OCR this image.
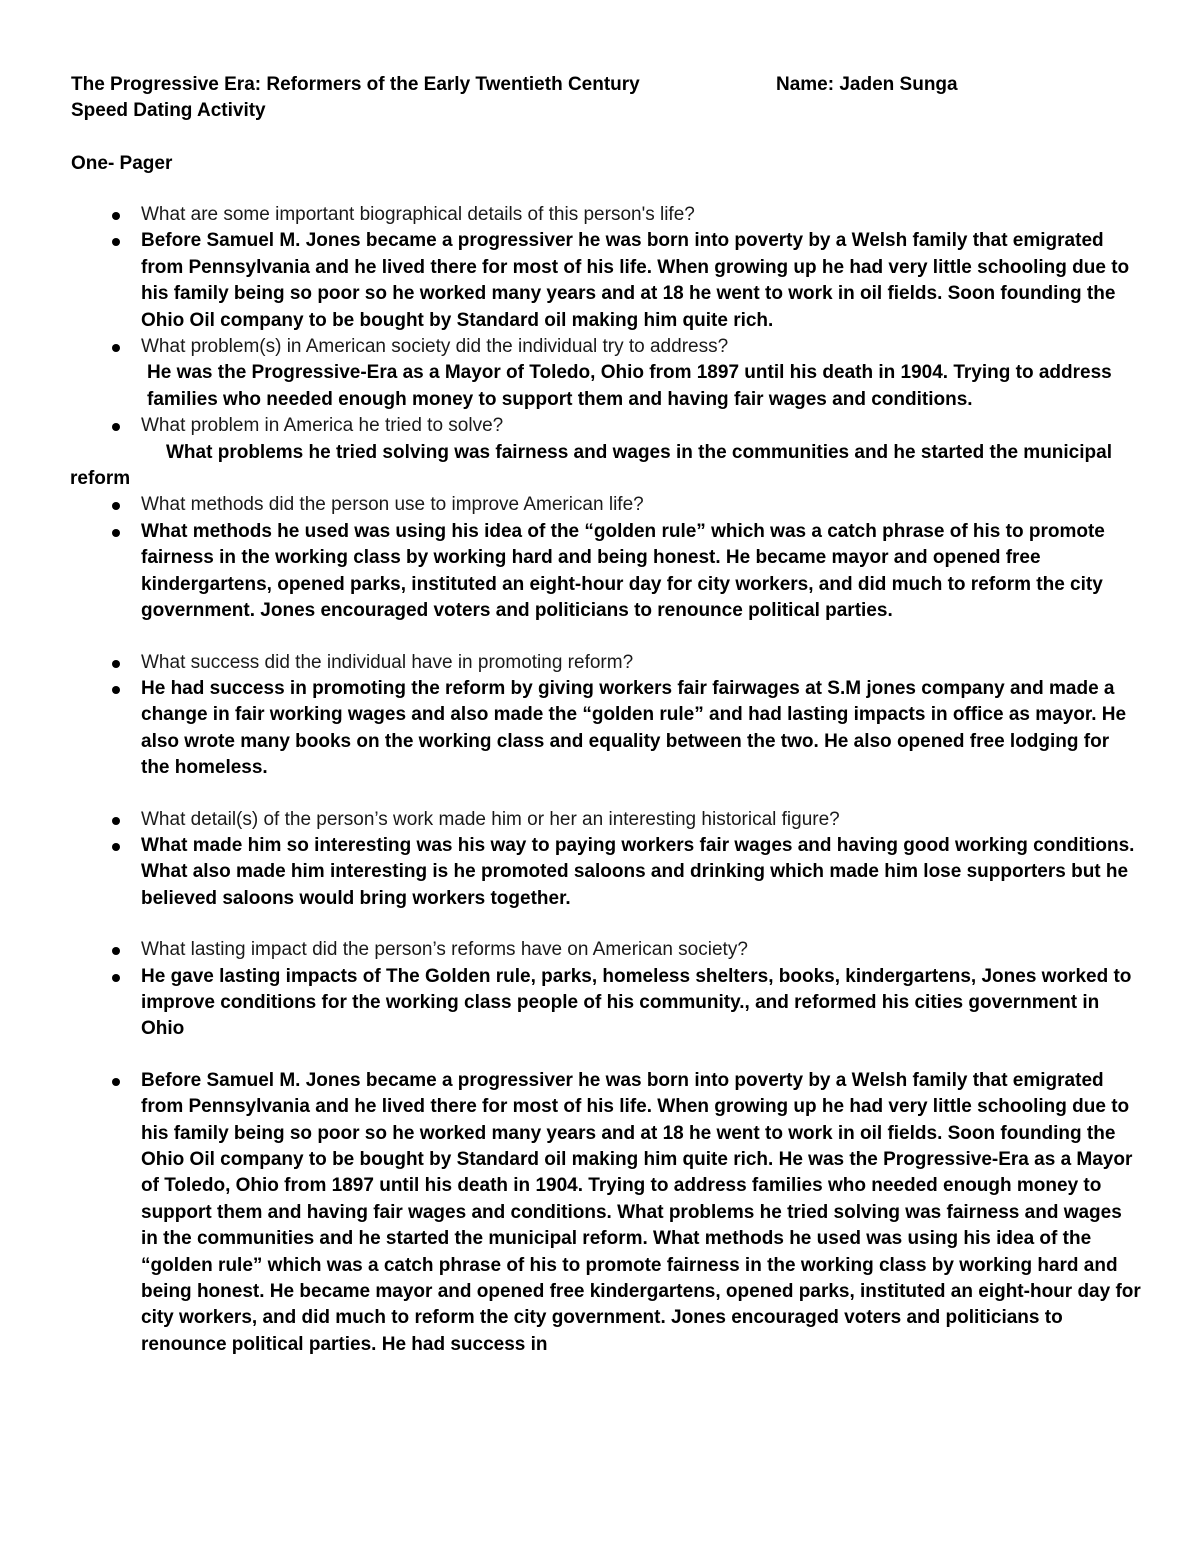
The Progressive Era: Reformers of the Early Twentieth Century	Name: Jaden Sunga
Speed Dating Activity
One- Pager
What are some important biographical details of this person's life?
Before Samuel M. Jones became a progressiver he was born into poverty by a Welsh family that emigrated from Pennsylvania and he lived there for most of his life. When growing up he had very little schooling due to his family being so poor so he worked many years and at 18 he went to work in oil fields. Soon founding the Ohio Oil company to be bought by Standard oil making him quite rich.
What problem(s) in American society did the individual try to address?
He was the Progressive-Era as a Mayor of Toledo, Ohio from 1897 until his death in 1904. Trying to address families who needed enough money to support them and having fair wages and conditions.
What problem in America he tried to solve?
What problems he tried solving was fairness and wages in the communities and he started the municipal reform
What methods did the person use to improve American life?
What methods he used was using his idea of the “golden rule” which was a catch phrase of his to promote fairness in the working class by working hard and being honest. He became mayor and opened free kindergartens, opened parks, instituted an eight-hour day for city workers, and did much to reform the city government. Jones encouraged voters and politicians to renounce political parties.
What success did the individual have in promoting reform?
He had success in promoting the reform by giving workers fair fairwages at S.M jones company and made a change in fair working wages and also made the “golden rule” and had lasting impacts in office as mayor. He also wrote many books on the working class and equality between the two. He also opened free lodging for the homeless.
What detail(s) of the person’s work made him or her an interesting historical figure?
What made him so interesting was his way to paying workers fair wages and having good working conditions. What also made him interesting is he promoted saloons and drinking which made him lose supporters but he believed saloons would bring workers together.
What lasting impact did the person’s reforms have on American society?
He gave lasting impacts of The Golden rule, parks, homeless shelters, books, kindergartens, Jones worked to improve conditions for the working class people of his community., and reformed his cities government in Ohio
Before Samuel M. Jones became a progressiver he was born into poverty by a Welsh family that emigrated from Pennsylvania and he lived there for most of his life. When growing up he had very little schooling due to his family being so poor so he worked many years and at 18 he went to work in oil fields. Soon founding the Ohio Oil company to be bought by Standard oil making him quite rich. He was the Progressive-Era as a Mayor of Toledo, Ohio from 1897 until his death in 1904. Trying to address families who needed enough money to support them and having fair wages and conditions. What problems he tried solving was fairness and wages in the communities and he started the municipal reform. What methods he used was using his idea of the “golden rule” which was a catch phrase of his to promote fairness in the working class by working hard and being honest. He became mayor and opened free kindergartens, opened parks, instituted an eight-hour day for city workers, and did much to reform the city government. Jones encouraged voters and politicians to renounce political parties. He had success in
